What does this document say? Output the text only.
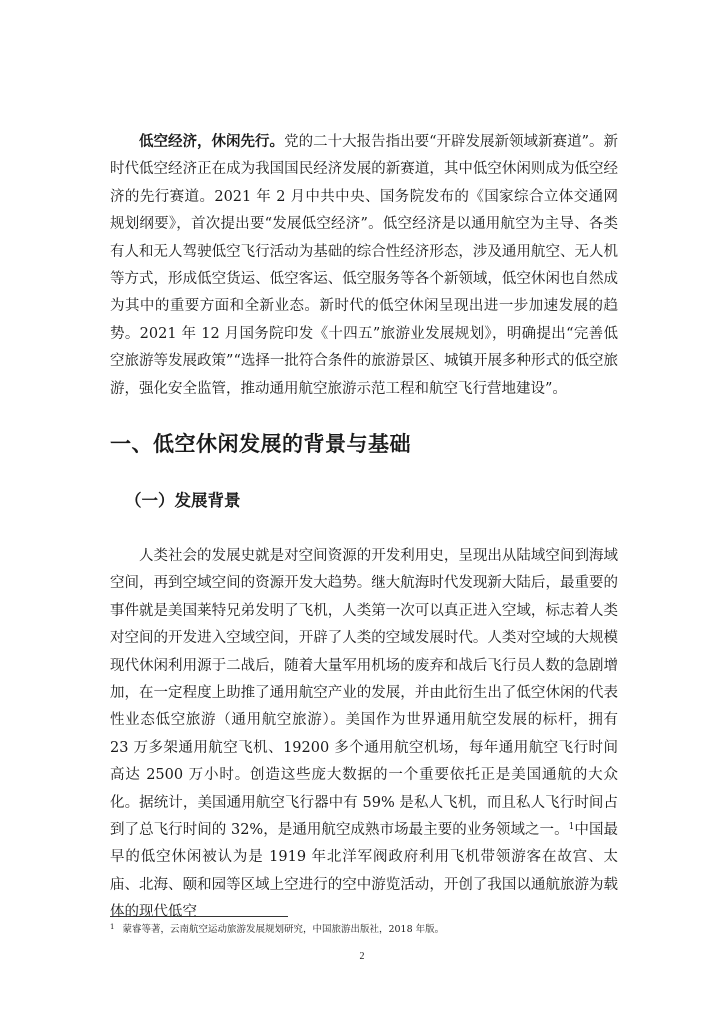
低空经济，休闲先行。党的二十大报告指出要“开辟发展新领域新赛道”。新时代低空经济正在成为我国国民经济发展的新赛道，其中低空休闲则成为低空经济的先行赛道。2021 年 2 月中共中央、国务院发布的《国家综合立体交通网规划纲要》，首次提出要“发展低空经济”。低空经济是以通用航空为主导、各类有人和无人驾驶低空飞行活动为基础的综合性经济形态，涉及通用航空、无人机等方式，形成低空货运、低空客运、低空服务等各个新领域，低空休闲也自然成为其中的重要方面和全新业态。新时代的低空休闲呈现出进一步加速发展的趋势。2021 年 12 月国务院印发《十四五”旅游业发展规划》，明确提出“完善低空旅游等发展政策”“选择一批符合条件的旅游景区、城镇开展多种形式的低空旅游，强化安全监管，推动通用航空旅游示范工程和航空飞行营地建设”。

一、低空休闲发展的背景与基础
（一）发展背景

人类社会的发展史就是对空间资源的开发利用史，呈现出从陆域空间到海域空间，再到空域空间的资源开发大趋势。继大航海时代发现新大陆后，最重要的事件就是美国莱特兄弟发明了飞机，人类第一次可以真正进入空域，标志着人类对空间的开发进入空域空间，开辟了人类的空域发展时代。人类对空域的大规模现代休闲利用源于二战后，随着大量军用机场的废弃和战后飞行员人数的急剧增加，在一定程度上助推了通用航空产业的发展，并由此衍生出了低空休闲的代表性业态低空旅游（通用航空旅游）。美国作为世界通用航空发展的标杆，拥有 23 万多架通用航空飞机、19200 多个通用航空机场，每年通用航空飞行时间高达 2500 万小时。创造这些庞大数据的一个重要依托正是美国通航的大众化。据统计，美国通用航空飞行器中有 59% 是私人飞机，而且私人飞行时间占到了总飞行时间的 32%，是通用航空成熟市场最主要的业务领域之一。$^1$中国最早的低空休闲被认为是 1919 年北洋军阀政府利用飞机带领游客在故宫、太庙、北海、颐和园等区域上空进行的空中游览活动，开创了我国以通航旅游为载体的现代低空

$^1$ 蒙睿等著，云南航空运动旅游发展规划研究，中国旅游出版社，2018 年版。

2
